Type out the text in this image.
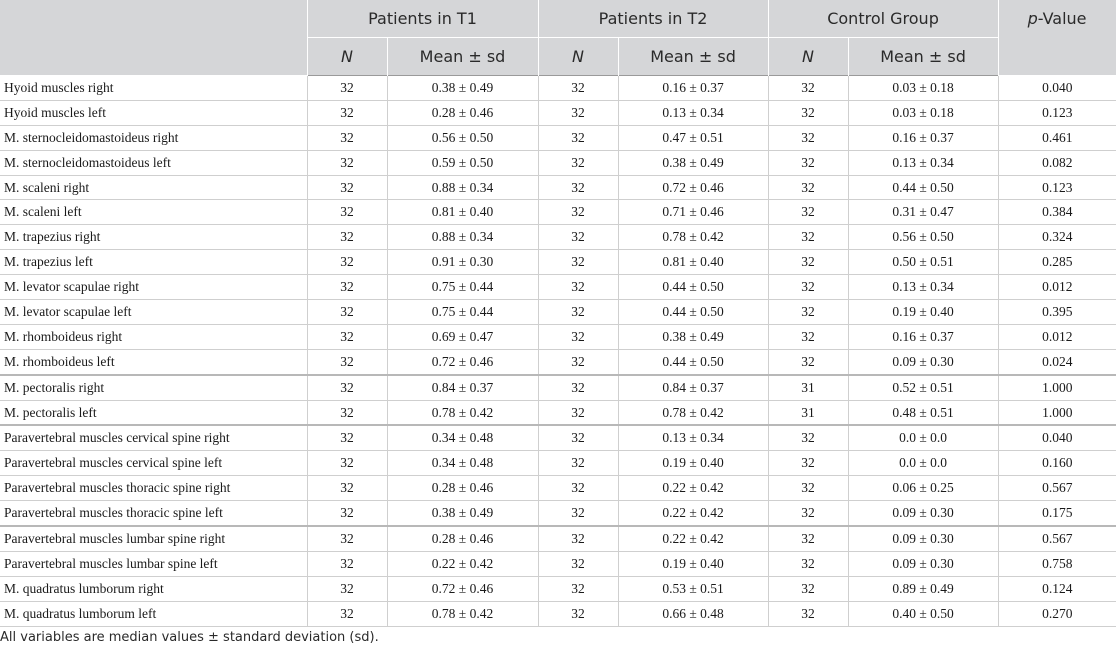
	Patients in T1		Patients in T2		Control Group		p-Value
	N	Mean ± sd	N	Mean ± sd	N	Mean ± sd	
Hyoid muscles right	32	0.38 ± 0.49	32	0.16 ± 0.37	32	0.03 ± 0.18	0.040
Hyoid muscles left	32	0.28 ± 0.46	32	0.13 ± 0.34	32	0.03 ± 0.18	0.123
M. sternocleidomastoideus right	32	0.56 ± 0.50	32	0.47 ± 0.51	32	0.16 ± 0.37	0.461
M. sternocleidomastoideus left	32	0.59 ± 0.50	32	0.38 ± 0.49	32	0.13 ± 0.34	0.082
M. scaleni right	32	0.88 ± 0.34	32	0.72 ± 0.46	32	0.44 ± 0.50	0.123
M. scaleni left	32	0.81 ± 0.40	32	0.71 ± 0.46	32	0.31 ± 0.47	0.384
M. trapezius right	32	0.88 ± 0.34	32	0.78 ± 0.42	32	0.56 ± 0.50	0.324
M. trapezius left	32	0.91 ± 0.30	32	0.81 ± 0.40	32	0.50 ± 0.51	0.285
M. levator scapulae right	32	0.75 ± 0.44	32	0.44 ± 0.50	32	0.13 ± 0.34	0.012
M. levator scapulae left	32	0.75 ± 0.44	32	0.44 ± 0.50	32	0.19 ± 0.40	0.395
M. rhomboideus right	32	0.69 ± 0.47	32	0.38 ± 0.49	32	0.16 ± 0.37	0.012
M. rhomboideus left	32	0.72 ± 0.46	32	0.44 ± 0.50	32	0.09 ± 0.30	0.024
M. pectoralis right	32	0.84 ± 0.37	32	0.84 ± 0.37	31	0.52 ± 0.51	1.000
M. pectoralis left	32	0.78 ± 0.42	32	0.78 ± 0.42	31	0.48 ± 0.51	1.000
Paravertebral muscles cervical spine right	32	0.34 ± 0.48	32	0.13 ± 0.34	32	0.0 ± 0.0	0.040
Paravertebral muscles cervical spine left	32	0.34 ± 0.48	32	0.19 ± 0.40	32	0.0 ± 0.0	0.160
Paravertebral muscles thoracic spine right	32	0.28 ± 0.46	32	0.22 ± 0.42	32	0.06 ± 0.25	0.567
Paravertebral muscles thoracic spine left	32	0.38 ± 0.49	32	0.22 ± 0.42	32	0.09 ± 0.30	0.175
Paravertebral muscles lumbar spine right	32	0.28 ± 0.46	32	0.22 ± 0.42	32	0.09 ± 0.30	0.567
Paravertebral muscles lumbar spine left	32	0.22 ± 0.42	32	0.19 ± 0.40	32	0.09 ± 0.30	0.758
M. quadratus lumborum right	32	0.72 ± 0.46	32	0.53 ± 0.51	32	0.89 ± 0.49	0.124
M. quadratus lumborum left	32	0.78 ± 0.42	32	0.66 ± 0.48	32	0.40 ± 0.50	0.270
All variables are median values ± standard deviation (sd).
